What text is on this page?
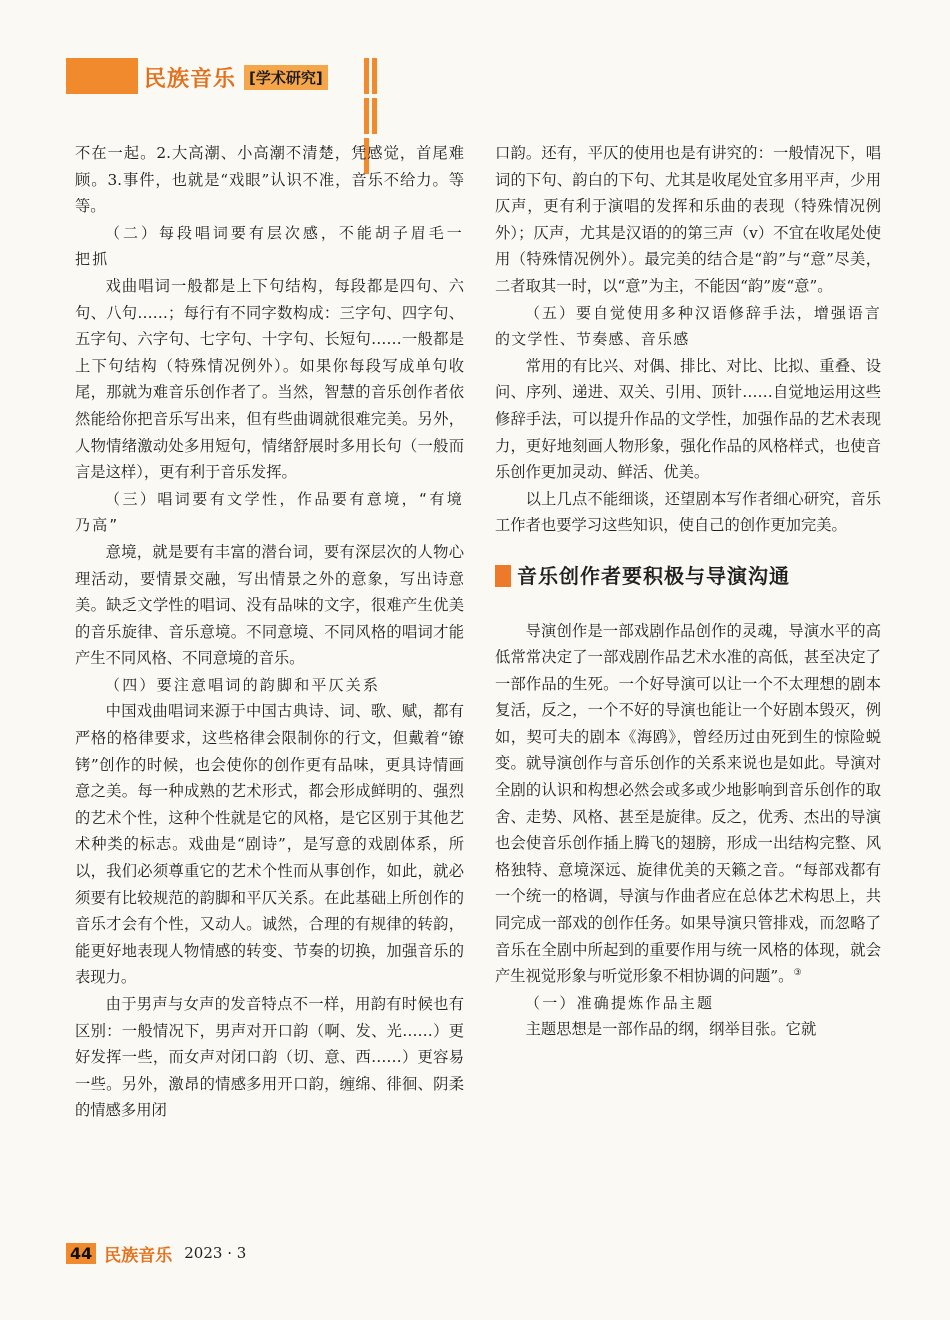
民族音乐 [学术研究]

不在一起。2.大高潮、小高潮不清楚，凭感觉，首尾难顾。3.事件，也就是“戏眼”认识不准，音乐不给力。等等。

（二）每段唱词要有层次感，不能胡子眉毛一把抓

戏曲唱词一般都是上下句结构，每段都是四句、六句、八句……；每行有不同字数构成：三字句、四字句、五字句、六字句、七字句、十字句、长短句……一般都是上下句结构（特殊情况例外）。如果你每段写成单句收尾，那就为难音乐创作者了。当然，智慧的音乐创作者依然能给你把音乐写出来，但有些曲调就很难完美。另外，人物情绪激动处多用短句，情绪舒展时多用长句（一般而言是这样），更有利于音乐发挥。

（三）唱词要有文学性，作品要有意境，“有境乃高”

意境，就是要有丰富的潜台词，要有深层次的人物心理活动，要情景交融，写出情景之外的意象，写出诗意美。缺乏文学性的唱词、没有品味的文字，很难产生优美的音乐旋律、音乐意境。不同意境、不同风格的唱词才能产生不同风格、不同意境的音乐。

（四）要注意唱词的韵脚和平仄关系

中国戏曲唱词来源于中国古典诗、词、歌、赋，都有严格的格律要求，这些格律会限制你的行文，但戴着“镣铐”创作的时候，也会使你的创作更有品味，更具诗情画意之美。每一种成熟的艺术形式，都会形成鲜明的、强烈的艺术个性，这种个性就是它的风格，是它区别于其他艺术种类的标志。戏曲是“剧诗”，是写意的戏剧体系，所以，我们必须尊重它的艺术个性而从事创作，如此，就必须要有比较规范的韵脚和平仄关系。在此基础上所创作的音乐才会有个性，又动人。诚然，合理的有规律的转韵，能更好地表现人物情感的转变、节奏的切换，加强音乐的表现力。

由于男声与女声的发音特点不一样，用韵有时候也有区别：一般情况下，男声对开口韵（啊、发、光……）更好发挥一些，而女声对闭口韵（切、意、西……）更容易一些。另外，激昂的情感多用开口韵，缠绵、徘徊、阴柔的情感多用闭

口韵。还有，平仄的使用也是有讲究的：一般情况下，唱词的下句、韵白的下句、尤其是收尾处宜多用平声，少用仄声，更有利于演唱的发挥和乐曲的表现（特殊情况例外）；仄声，尤其是汉语的的第三声（v）不宜在收尾处使用（特殊情况例外）。最完美的结合是“韵”与“意”尽美，二者取其一时，以“意”为主，不能因“韵”废“意”。

（五）要自觉使用多种汉语修辞手法，增强语言的文学性、节奏感、音乐感

常用的有比兴、对偶、排比、对比、比拟、重叠、设问、序列、递进、双关、引用、顶针……自觉地运用这些修辞手法，可以提升作品的文学性，加强作品的艺术表现力，更好地刻画人物形象，强化作品的风格样式，也使音乐创作更加灵动、鲜活、优美。

以上几点不能细谈，还望剧本写作者细心研究，音乐工作者也要学习这些知识，使自己的创作更加完美。

音乐创作者要积极与导演沟通

导演创作是一部戏剧作品创作的灵魂，导演水平的高低常常决定了一部戏剧作品艺术水准的高低，甚至决定了一部作品的生死。一个好导演可以让一个不太理想的剧本复活，反之，一个不好的导演也能让一个好剧本毁灭，例如，契可夫的剧本《海鸥》，曾经历过由死到生的惊险蜕变。就导演创作与音乐创作的关系来说也是如此。导演对全剧的认识和构想必然会或多或少地影响到音乐创作的取舍、走势、风格、甚至是旋律。反之，优秀、杰出的导演也会使音乐创作插上腾飞的翅膀，形成一出结构完整、风格独特、意境深远、旋律优美的天籁之音。“每部戏都有一个统一的格调，导演与作曲者应在总体艺术构思上，共同完成一部戏的创作任务。如果导演只管排戏，而忽略了音乐在全剧中所起到的重要作用与统一风格的体现，就会产生视觉形象与听觉形象不相协调的问题”。③

（一）准确提炼作品主题

主题思想是一部作品的纲，纲举目张。它就

44 民族音乐 2023 · 3
